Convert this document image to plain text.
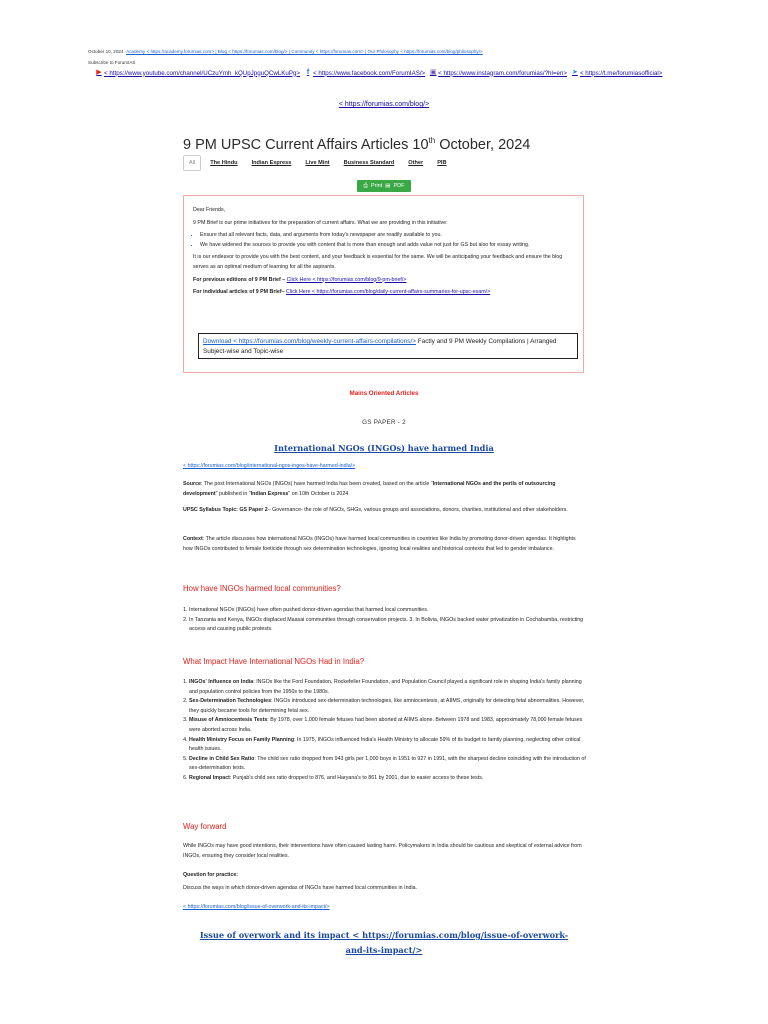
October 10, 2024 Academy < https://academy.forumias.com> | Blog < https://forumias.com/blog/> | Community < https://forumias.com> | Our Philosophy < https://forumias.com/blog/philosophy/>
Subscribe to ForumIAS
▶ < https://www.youtube.com/channel/UCzuYmh_kQUpJpguQCwLKuPg> f < https://www.facebook.com/ForumIAS/> ▣ < https://www.instagram.com/forumias/?hl=en> ➤ < https://t.me/forumiasofficial>
< https://forumias.com/blog/>
9 PM UPSC Current Affairs Articles 10th October, 2024
All	The Hindu	Indian Express	Live Mint	Business Standard	Other	PIB
⎙ Print ▤ PDF

Dear Friends,

9 PM Brief is our prime initiatives for the preparation of current affairs. What we are providing in this initiative:

• Ensure that all relevant facts, data, and arguments from today's newspaper are readily available to you.
• We have widened the sources to provide you with content that is more than enough and adds value not just for GS but also for essay writing.

It is our endeavor to provide you with the best content, and your feedback is essential for the same. We will be anticipating your feedback and ensure the blog serves as an optimal medium of learning for all the aspirants.

For previous editions of 9 PM Brief – Click Here < https://forumias.com/blog/9-pm-brief/>

For individual articles of 9 PM Brief– Click Here < https://forumias.com/blog/daily-current-affairs-summaries-for-upsc-exam/>

Download < https://forumias.com/blog/weekly-current-affairs-compilations/> Factly and 9 PM Weekly Compilations | Arranged Subject-wise and Topic-wise
Mains Oriented Articles
GS PAPER - 2
International NGOs (INGOs) have harmed India
< https://forumias.com/blog/international-ngos-ingos-have-harmed-india/>

Source: The post International NGOs (INGOs) have harmed India has been created, based on the article "International NGOs and the perils of outsourcing development" published in "Indian Express" on 10th October is 2024

UPSC Syllabus Topic: GS Paper 2– Governance- the role of NGOs, SHGs, various groups and associations, donors, charities, institutional and other stakeholders.

Context: The article discusses how international NGOs (INGOs) have harmed local communities in countries like India by promoting donor-driven agendas. It highlights how INGOs contributed to female foeticide through sex determination technologies, ignoring local realities and historical contexts that led to gender imbalance.

How have INGOs harmed local communities?
1. International NGOs (INGOs) have often pushed donor-driven agendas that harmed local communities.
2. In Tanzania and Kenya, INGOs displaced Maasai communities through conservation projects. 3. In Bolivia, INGOs backed water privatization in Cochabamba, restricting access and causing public protests.
What Impact Have International NGOs Had in India?
1. INGOs' Influence on India: INGOs like the Ford Foundation, Rockefeller Foundation, and Population Council played a significant role in shaping India's family planning and population control policies from the 1950s to the 1980s.
2. Sex-Determination Technologies: INGOs introduced sex-determination technologies, like amniocentesis, at AIIMS, originally for detecting fetal abnormalities. However, they quickly became tools for determining fetal sex.
3. Misuse of Amniocentesis Tests: By 1978, over 1,000 female fetuses had been aborted at AIIMS alone. Between 1978 and 1983, approximately 78,000 female fetuses were aborted across India.
4. Health Ministry Focus on Family Planning: In 1975, INGOs influenced India's Health Ministry to allocate 59% of its budget to family planning, neglecting other critical health issues.
5. Decline in Child Sex Ratio: The child sex ratio dropped from 943 girls per 1,000 boys in 1951 to 927 in 1991, with the sharpest decline coinciding with the introduction of sex-determination tests.
6. Regional Impact: Punjab's child sex ratio dropped to 876, and Haryana's to 861 by 2001, due to easier access to these tests.
Way forward

While INGOs may have good intentions, their interventions have often caused lasting harm. Policymakers in India should be cautious and skeptical of external advice from INGOs, ensuring they consider local realities.

Question for practice:

Discuss the ways in which donor-driven agendas of INGOs have harmed local communities in India.

< https://forumias.com/blog/issue-of-overwork-and-its-impact/>
Issue of overwork and its impact < https://forumias.com/blog/issue-of-overwork-and-its-impact/>
